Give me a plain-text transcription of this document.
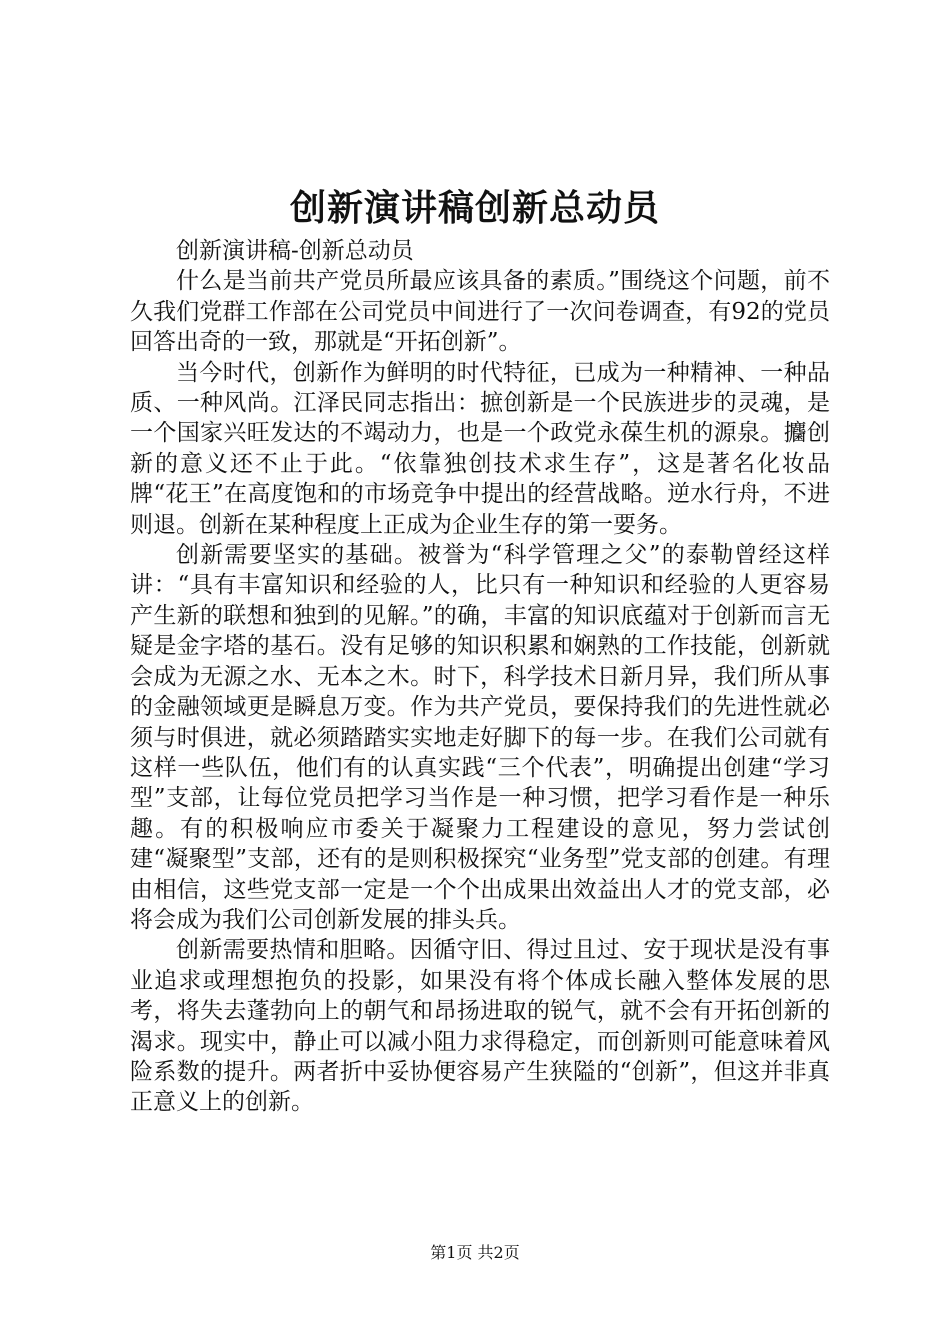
创新演讲稿创新总动员

创新演讲稿-创新总动员

什么是当前共产党员所最应该具备的素质。”围绕这个问题，前不久我们党群工作部在公司党员中间进行了一次问卷调查，有92的党员回答出奇的一致，那就是“开拓创新”。

当今时代，创新作为鲜明的时代特征，已成为一种精神、一种品质、一种风尚。江泽民同志指出：摭创新是一个民族进步的灵魂，是一个国家兴旺发达的不竭动力，也是一个政党永葆生机的源泉。攟创新的意义还不止于此。“依靠独创技术求生存”，这是著名化妆品牌“花王”在高度饱和的市场竞争中提出的经营战略。逆水行舟，不进则退。创新在某种程度上正成为企业生存的第一要务。

创新需要坚实的基础。被誉为“科学管理之父”的泰勒曾经这样讲：“具有丰富知识和经验的人，比只有一种知识和经验的人更容易产生新的联想和独到的见解。”的确，丰富的知识底蕴对于创新而言无疑是金字塔的基石。没有足够的知识积累和娴熟的工作技能，创新就会成为无源之水、无本之木。时下，科学技术日新月异，我们所从事的金融领域更是瞬息万变。作为共产党员，要保持我们的先进性就必须与时俱进，就必须踏踏实实地走好脚下的每一步。在我们公司就有这样一些队伍，他们有的认真实践“三个代表”，明确提出创建“学习型”支部，让每位党员把学习当作是一种习惯，把学习看作是一种乐趣。有的积极响应市委关于凝聚力工程建设的意见，努力尝试创建“凝聚型”支部，还有的是则积极探究“业务型”党支部的创建。有理由相信，这些党支部一定是一个个出成果出效益出人才的党支部，必将会成为我们公司创新发展的排头兵。

创新需要热情和胆略。因循守旧、得过且过、安于现状是没有事业追求或理想抱负的投影，如果没有将个体成长融入整体发展的思考，将失去蓬勃向上的朝气和昂扬进取的锐气，就不会有开拓创新的渴求。现实中，静止可以减小阻力求得稳定，而创新则可能意味着风险系数的提升。两者折中妥协便容易产生狭隘的“创新”，但这并非真正意义上的创新。

第1页 共2页
